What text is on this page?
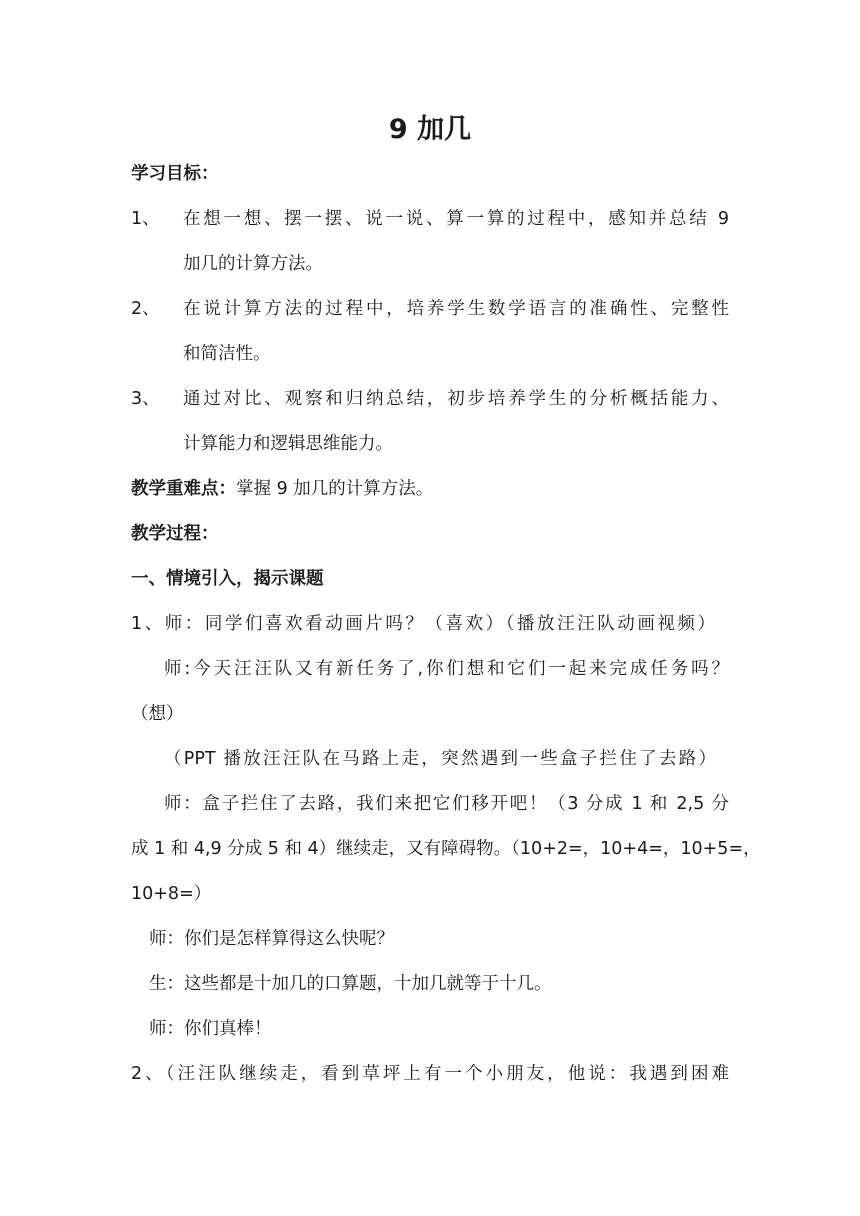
9 加几
学习目标：
1、 在想一想、摆一摆、说一说、算一算的过程中，感知并总结 9
加几的计算方法。
2、 在说计算方法的过程中，培养学生数学语言的准确性、完整性
和简洁性。
3、 通过对比、观察和归纳总结，初步培养学生的分析概括能力、
计算能力和逻辑思维能力。
教学重难点：掌握 9 加几的计算方法。
教学过程：
一、情境引入，揭示课题
1、师：同学们喜欢看动画片吗？（喜欢）（播放汪汪队动画视频）
师:今天汪汪队又有新任务了,你们想和它们一起来完成任务吗？
（想）
（PPT 播放汪汪队在马路上走，突然遇到一些盒子拦住了去路）
师：盒子拦住了去路，我们来把它们移开吧！（3 分成 1 和 2,5 分
成 1 和 4,9 分成 5 和 4）继续走，又有障碍物。（10+2=，10+4=，10+5=，
10+8=）
师：你们是怎样算得这么快呢？
生：这些都是十加几的口算题，十加几就等于十几。
师：你们真棒！
2、（汪汪队继续走，看到草坪上有一个小朋友，他说：我遇到困难
